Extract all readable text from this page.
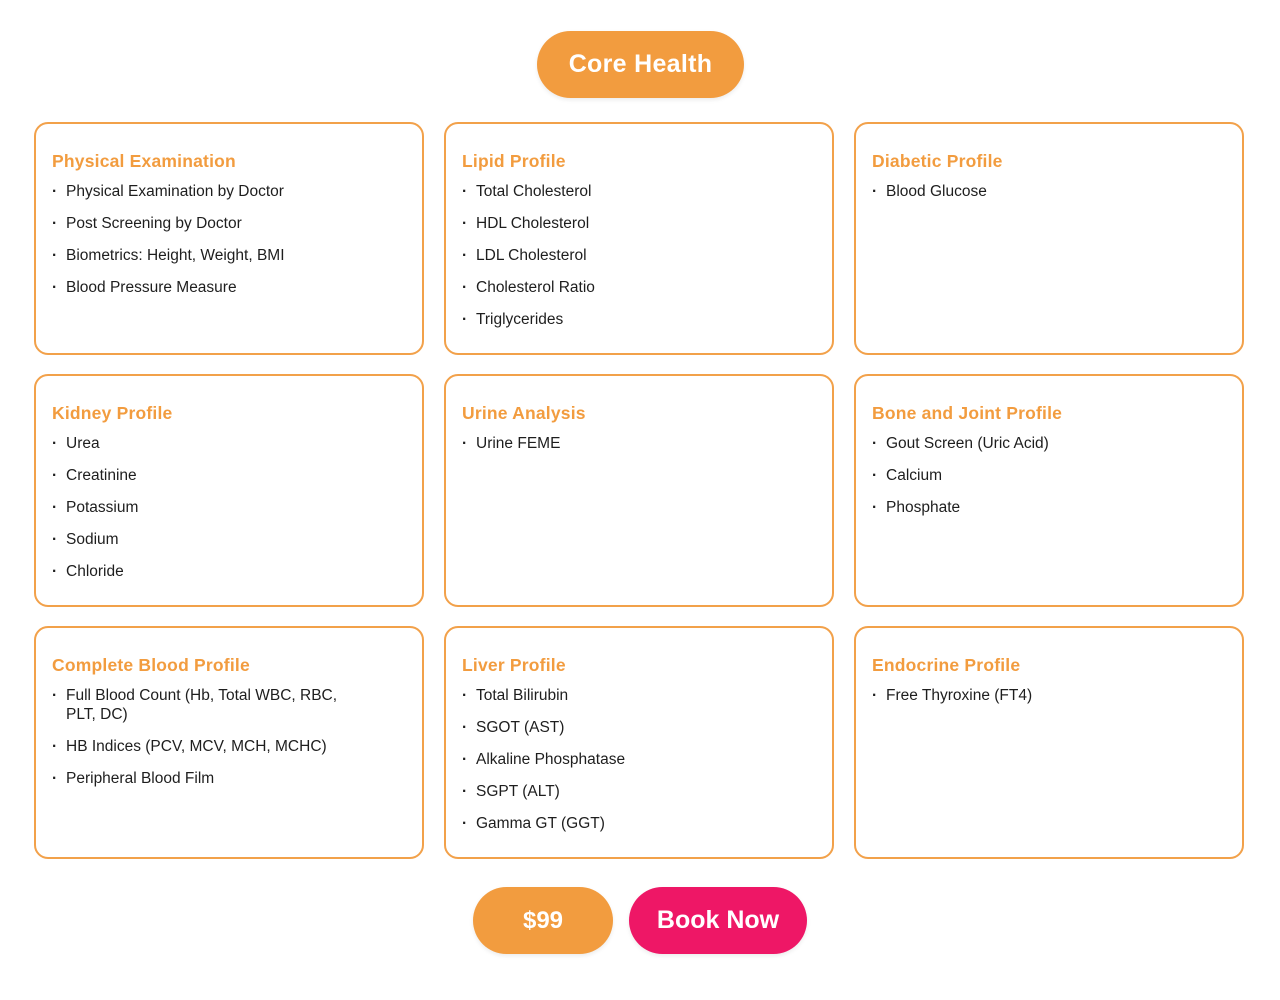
Core Health
Physical Examination
· Physical Examination by Doctor
· Post Screening by Doctor
· Biometrics: Height, Weight, BMI
· Blood Pressure Measure
Lipid Profile
· Total Cholesterol
· HDL Cholesterol
· LDL Cholesterol
· Cholesterol Ratio
· Triglycerides
Diabetic Profile
· Blood Glucose
Kidney Profile
· Urea
· Creatinine
· Potassium
· Sodium
· Chloride
Urine Analysis
· Urine FEME
Bone and Joint Profile
· Gout Screen (Uric Acid)
· Calcium
· Phosphate
Complete Blood Profile
· Full Blood Count (Hb, Total WBC, RBC, PLT, DC)
· HB Indices (PCV, MCV, MCH, MCHC)
· Peripheral Blood Film
Liver Profile
· Total Bilirubin
· SGOT (AST)
· Alkaline Phosphatase
· SGPT (ALT)
· Gamma GT (GGT)
Endocrine Profile
· Free Thyroxine (FT4)
$99	Book Now
